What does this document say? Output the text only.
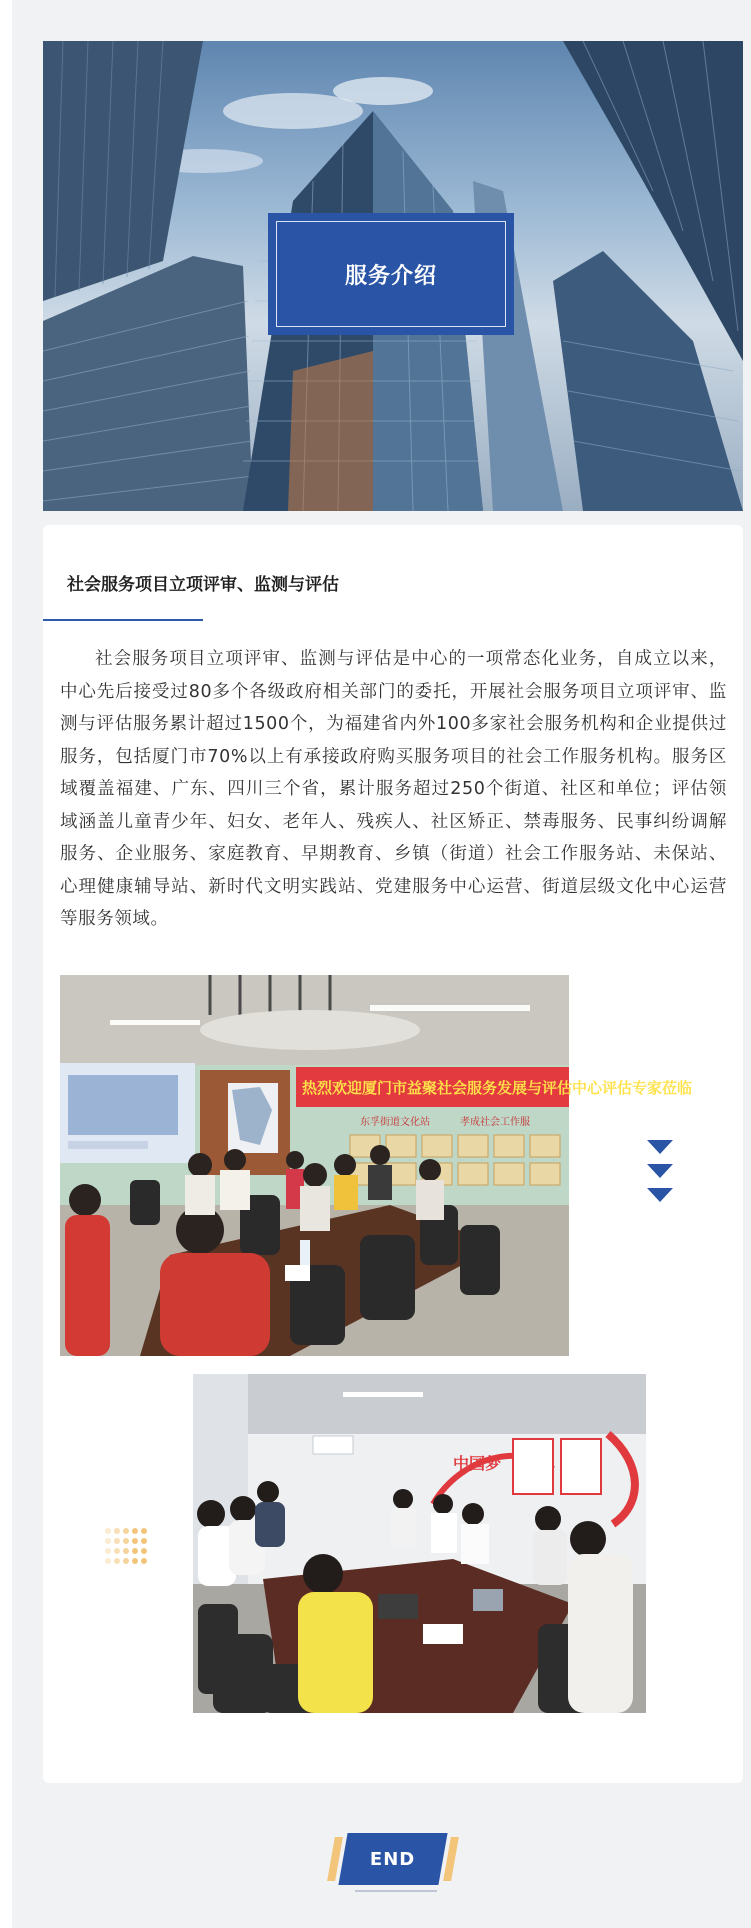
服务介绍
社会服务项目立项评审、监测与评估

社会服务项目立项评审、监测与评估是中心的一项常态化业务，自成立以来，中心先后接受过80多个各级政府相关部门的委托，开展社会服务项目立项评审、监测与评估服务累计超过1500个，为福建省内外100多家社会服务机构和企业提供过服务，包括厦门市70%以上有承接政府购买服务项目的社会工作服务机构。服务区域覆盖福建、广东、四川三个省，累计服务超过250个街道、社区和单位；评估领域涵盖儿童青少年、妇女、老年人、残疾人、社区矫正、禁毒服务、民事纠纷调解服务、企业服务、家庭教育、早期教育、乡镇（街道）社会工作服务站、未保站、心理健康辅导站、新时代文明实践站、党建服务中心运营、街道层级文化中心运营等服务领域。

热烈欢迎厦门市益聚社会服务发展与评估中心评估专家莅临
东孚街道文化站	孝成社会工作服
中国梦
END
